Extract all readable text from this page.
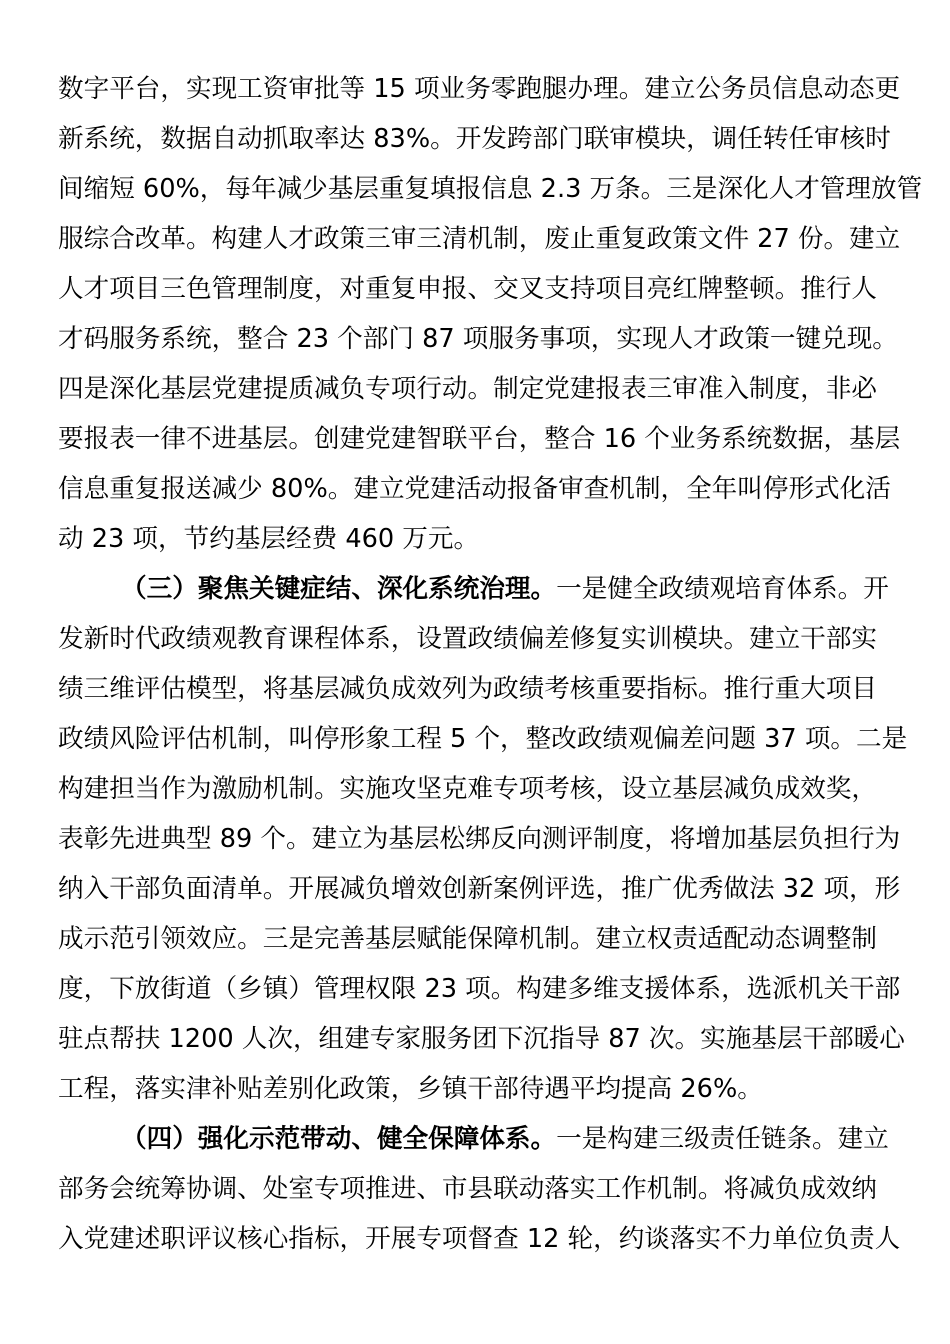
数字平台，实现工资审批等 15 项业务零跑腿办理。建立公务员信息动态更

新系统，数据自动抓取率达 83%。开发跨部门联审模块，调任转任审核时

间缩短 60%，每年减少基层重复填报信息 2.3 万条。三是深化人才管理放管

服综合改革。构建人才政策三审三清机制，废止重复政策文件 27 份。建立

人才项目三色管理制度，对重复申报、交叉支持项目亮红牌整顿。推行人

才码服务系统，整合 23 个部门 87 项服务事项，实现人才政策一键兑现。

四是深化基层党建提质减负专项行动。制定党建报表三审准入制度，非必

要报表一律不进基层。创建党建智联平台，整合 16 个业务系统数据，基层

信息重复报送减少 80%。建立党建活动报备审查机制，全年叫停形式化活

动 23 项，节约基层经费 460 万元。

（三）聚焦关键症结、深化系统治理。一是健全政绩观培育体系。开

发新时代政绩观教育课程体系，设置政绩偏差修复实训模块。建立干部实

绩三维评估模型，将基层减负成效列为政绩考核重要指标。推行重大项目

政绩风险评估机制，叫停形象工程 5 个，整改政绩观偏差问题 37 项。二是

构建担当作为激励机制。实施攻坚克难专项考核，设立基层减负成效奖，

表彰先进典型 89 个。建立为基层松绑反向测评制度，将增加基层负担行为

纳入干部负面清单。开展减负增效创新案例评选，推广优秀做法 32 项，形

成示范引领效应。三是完善基层赋能保障机制。建立权责适配动态调整制

度，下放街道（乡镇）管理权限 23 项。构建多维支援体系，选派机关干部

驻点帮扶 1200 人次，组建专家服务团下沉指导 87 次。实施基层干部暖心

工程，落实津补贴差别化政策，乡镇干部待遇平均提高 26%。

（四）强化示范带动、健全保障体系。一是构建三级责任链条。建立

部务会统筹协调、处室专项推进、市县联动落实工作机制。将减负成效纳

入党建述职评议核心指标，开展专项督查 12 轮，约谈落实不力单位负责人
